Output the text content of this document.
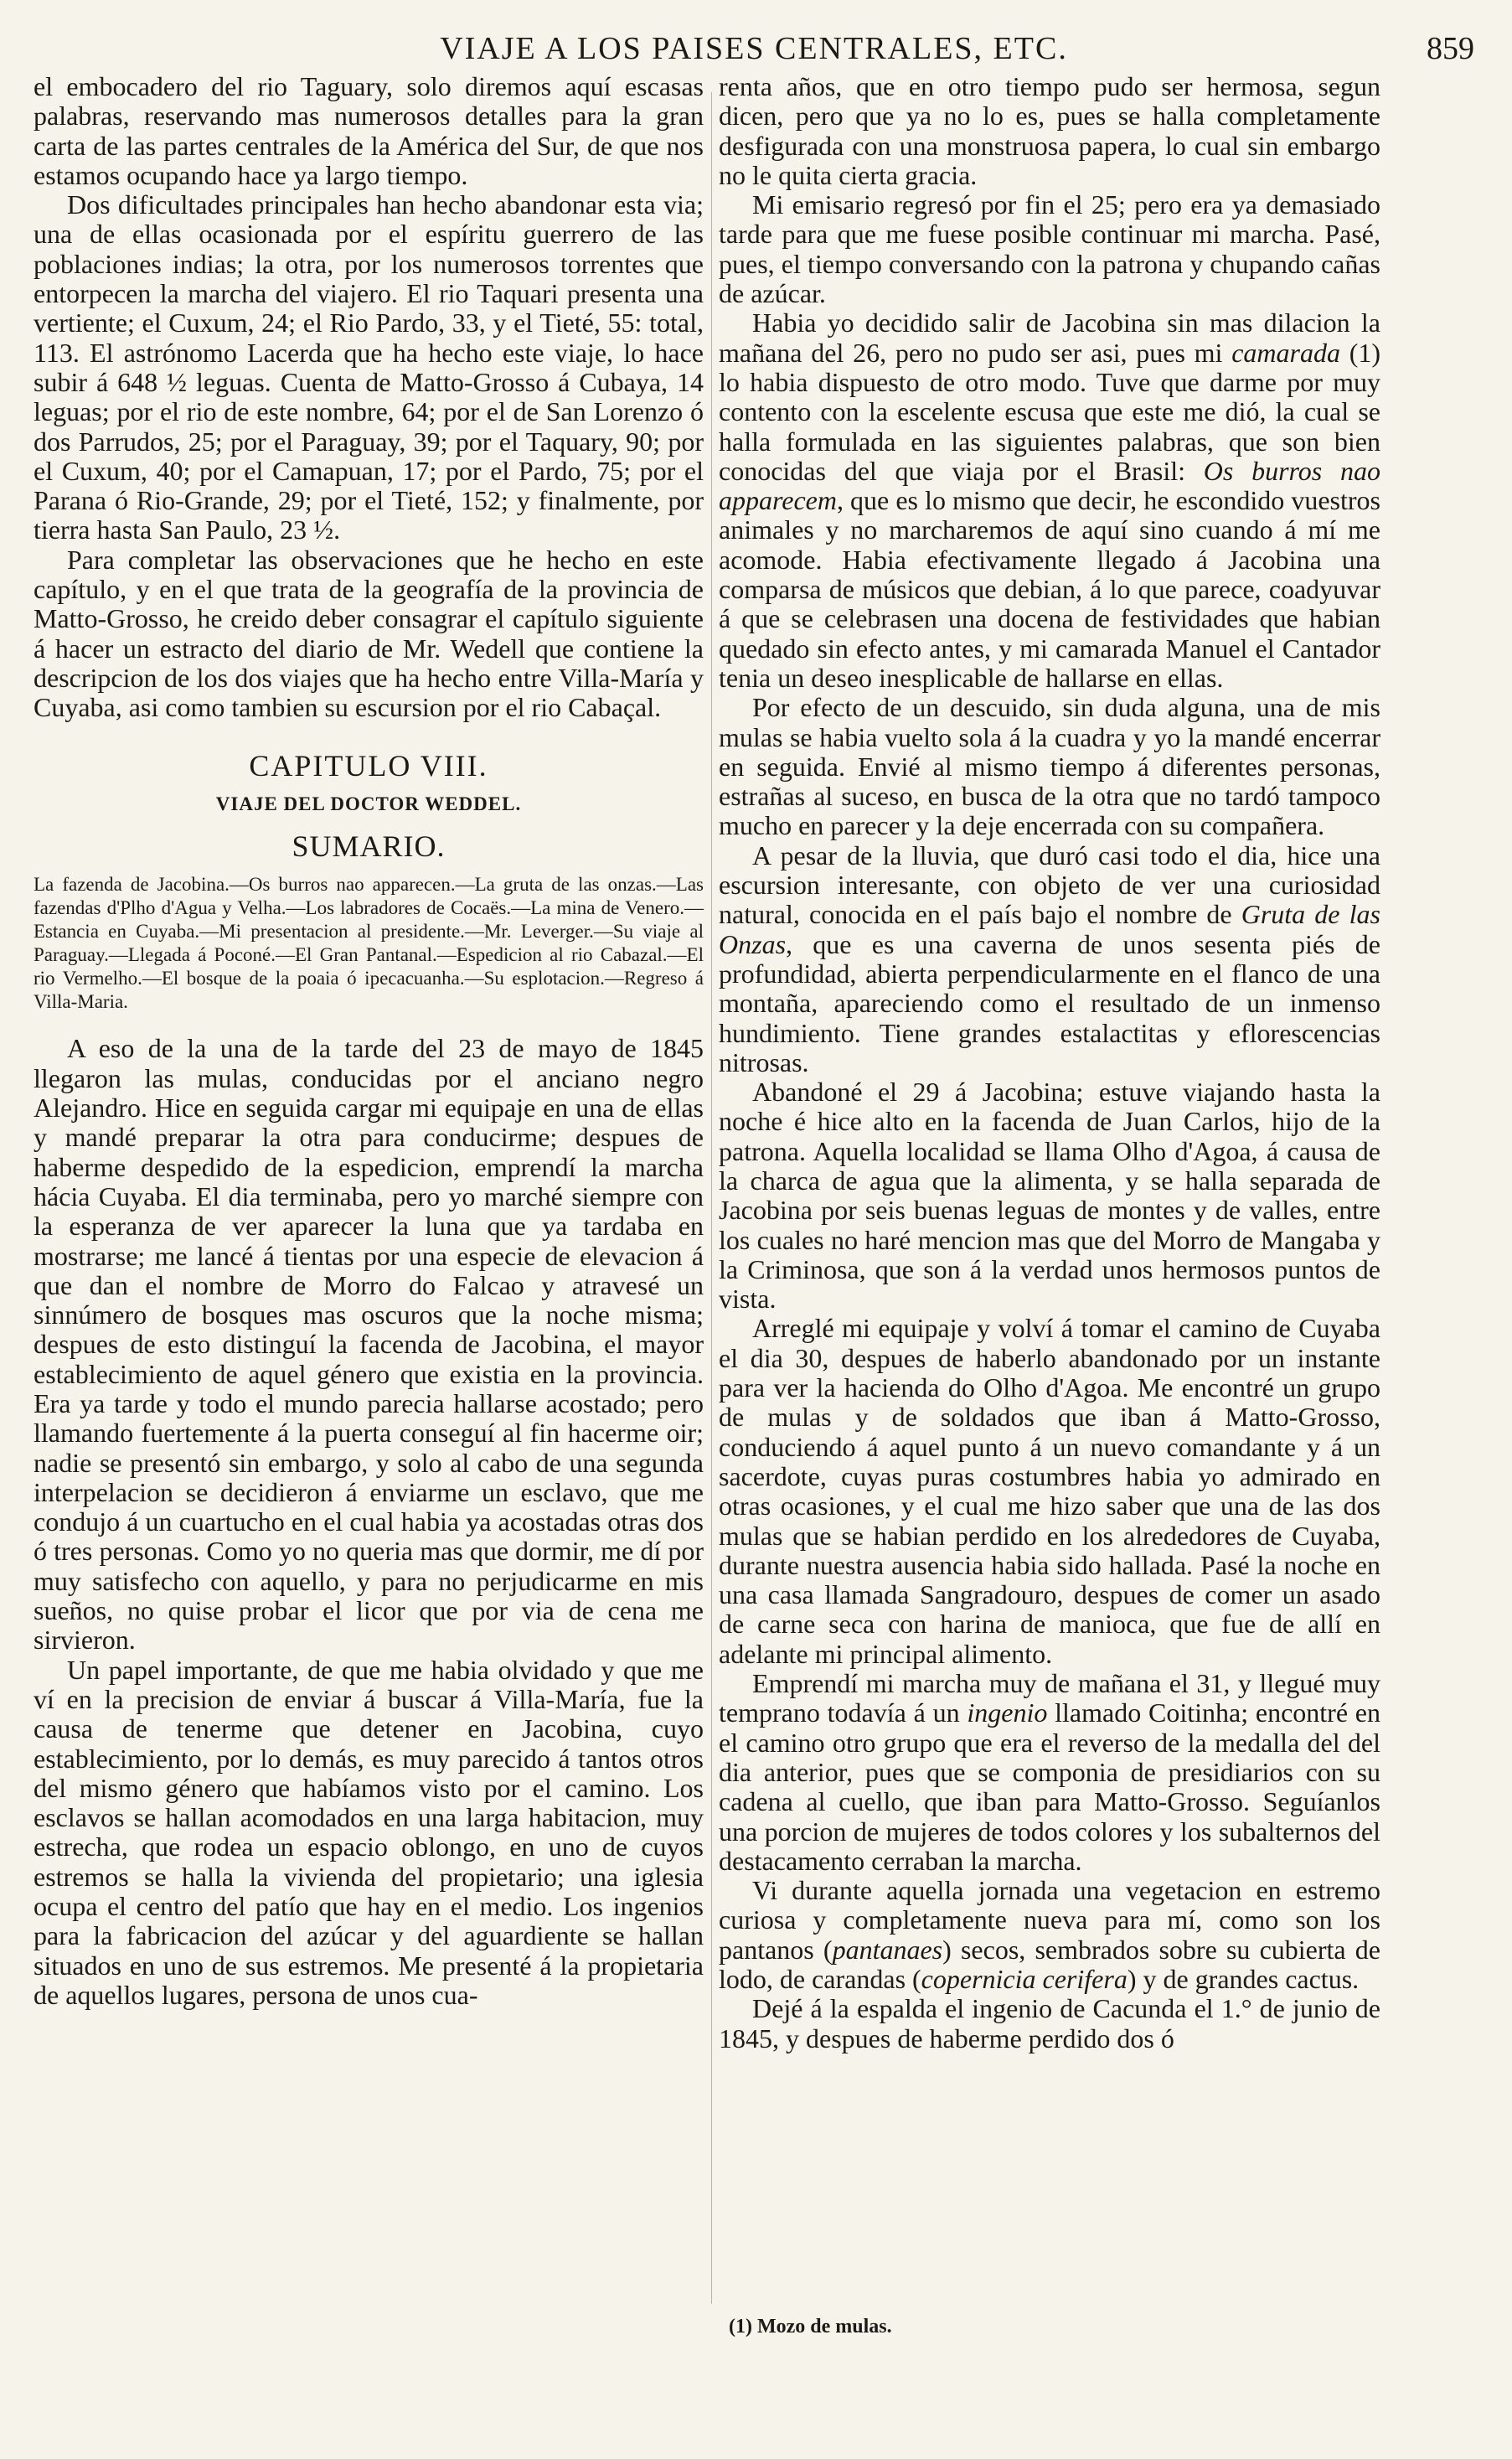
VIAJE A LOS PAISES CENTRALES, ETC.	859

el embocadero del rio Taguary, solo diremos aquí escasas palabras, reservando mas numerosos detalles para la gran carta de las partes centrales de la América del Sur, de que nos estamos ocupando hace ya largo tiempo.

Dos dificultades principales han hecho abandonar esta via; una de ellas ocasionada por el espíritu guerrero de las poblaciones indias; la otra, por los numerosos torrentes que entorpecen la marcha del viajero. El rio Taquari presenta una vertiente; el Cuxum, 24; el Rio Pardo, 33, y el Tieté, 55: total, 113. El astrónomo Lacerda que ha hecho este viaje, lo hace subir á 648 ½ leguas. Cuenta de Matto-Grosso á Cubaya, 14 leguas; por el rio de este nombre, 64; por el de San Lorenzo ó dos Parrudos, 25; por el Paraguay, 39; por el Taquary, 90; por el Cuxum, 40; por el Camapuan, 17; por el Pardo, 75; por el Parana ó Rio-Grande, 29; por el Tieté, 152; y finalmente, por tierra hasta San Paulo, 23 ½.

Para completar las observaciones que he hecho en este capítulo, y en el que trata de la geografía de la provincia de Matto-Grosso, he creido deber consagrar el capítulo siguiente á hacer un estracto del diario de Mr. Wedell que contiene la descripcion de los dos viajes que ha hecho entre Villa-María y Cuyaba, asi como tambien su escursion por el rio Cabaçal.

CAPITULO VIII.
VIAJE DEL DOCTOR WEDDEL.
SUMARIO.
La fazenda de Jacobina.—Os burros nao apparecen.—La gruta de las onzas.—Las fazendas d'Plho d'Agua y Velha.—Los labradores de Cocaës.—La mina de Venero.—Estancia en Cuyaba.—Mi presentacion al presidente.—Mr. Leverger.—Su viaje al Paraguay.—Llegada á Poconé.—El Gran Pantanal.—Espedicion al rio Cabazal.—El rio Vermelho.—El bosque de la poaia ó ipecacuanha.—Su esplotacion.—Regreso á Villa-Maria.

A eso de la una de la tarde del 23 de mayo de 1845 llegaron las mulas, conducidas por el anciano negro Alejandro. Hice en seguida cargar mi equipaje en una de ellas y mandé preparar la otra para conducirme; despues de haberme despedido de la espedicion, emprendí la marcha hácia Cuyaba. El dia terminaba, pero yo marché siempre con la esperanza de ver aparecer la luna que ya tardaba en mostrarse; me lancé á tientas por una especie de elevacion á que dan el nombre de Morro do Falcao y atravesé un sinnúmero de bosques mas oscuros que la noche misma; despues de esto distinguí la facenda de Jacobina, el mayor establecimiento de aquel género que existia en la provincia. Era ya tarde y todo el mundo parecia hallarse acostado; pero llamando fuertemente á la puerta conseguí al fin hacerme oir; nadie se presentó sin embargo, y solo al cabo de una segunda interpelacion se decidieron á enviarme un esclavo, que me condujo á un cuartucho en el cual habia ya acostadas otras dos ó tres personas. Como yo no queria mas que dormir, me dí por muy satisfecho con aquello, y para no perjudicarme en mis sueños, no quise probar el licor que por via de cena me sirvieron.

Un papel importante, de que me habia olvidado y que me ví en la precision de enviar á buscar á Villa-María, fue la causa de tenerme que detener en Jacobina, cuyo establecimiento, por lo demás, es muy parecido á tantos otros del mismo género que habíamos visto por el camino. Los esclavos se hallan acomodados en una larga habitacion, muy estrecha, que rodea un espacio oblongo, en uno de cuyos estremos se halla la vivienda del propietario; una iglesia ocupa el centro del patío que hay en el medio. Los ingenios para la fabricacion del azúcar y del aguardiente se hallan situados en uno de sus estremos. Me presenté á la propietaria de aquellos lugares, persona de unos cua-

renta años, que en otro tiempo pudo ser hermosa, segun dicen, pero que ya no lo es, pues se halla completamente desfigurada con una monstruosa papera, lo cual sin embargo no le quita cierta gracia.

Mi emisario regresó por fin el 25; pero era ya demasiado tarde para que me fuese posible continuar mi marcha. Pasé, pues, el tiempo conversando con la patrona y chupando cañas de azúcar.

Habia yo decidido salir de Jacobina sin mas dilacion la mañana del 26, pero no pudo ser asi, pues mi camarada (1) lo habia dispuesto de otro modo. Tuve que darme por muy contento con la escelente escusa que este me dió, la cual se halla formulada en las siguientes palabras, que son bien conocidas del que viaja por el Brasil: Os burros nao apparecem, que es lo mismo que decir, he escondido vuestros animales y no marcharemos de aquí sino cuando á mí me acomode. Habia efectivamente llegado á Jacobina una comparsa de músicos que debian, á lo que parece, coadyuvar á que se celebrasen una docena de festividades que habian quedado sin efecto antes, y mi camarada Manuel el Cantador tenia un deseo inesplicable de hallarse en ellas.

Por efecto de un descuido, sin duda alguna, una de mis mulas se habia vuelto sola á la cuadra y yo la mandé encerrar en seguida. Envié al mismo tiempo á diferentes personas, estrañas al suceso, en busca de la otra que no tardó tampoco mucho en parecer y la deje encerrada con su compañera.

A pesar de la lluvia, que duró casi todo el dia, hice una escursion interesante, con objeto de ver una curiosidad natural, conocida en el país bajo el nombre de Gruta de las Onzas, que es una caverna de unos sesenta piés de profundidad, abierta perpendicularmente en el flanco de una montaña, apareciendo como el resultado de un inmenso hundimiento. Tiene grandes estalactitas y eflorescencias nitrosas.

Abandoné el 29 á Jacobina; estuve viajando hasta la noche é hice alto en la facenda de Juan Carlos, hijo de la patrona. Aquella localidad se llama Olho d'Agoa, á causa de la charca de agua que la alimenta, y se halla separada de Jacobina por seis buenas leguas de montes y de valles, entre los cuales no haré mencion mas que del Morro de Mangaba y la Criminosa, que son á la verdad unos hermosos puntos de vista.

Arreglé mi equipaje y volví á tomar el camino de Cuyaba el dia 30, despues de haberlo abandonado por un instante para ver la hacienda do Olho d'Agoa. Me encontré un grupo de mulas y de soldados que iban á Matto-Grosso, conduciendo á aquel punto á un nuevo comandante y á un sacerdote, cuyas puras costumbres habia yo admirado en otras ocasiones, y el cual me hizo saber que una de las dos mulas que se habian perdido en los alrededores de Cuyaba, durante nuestra ausencia habia sido hallada. Pasé la noche en una casa llamada Sangradouro, despues de comer un asado de carne seca con harina de manioca, que fue de allí en adelante mi principal alimento.

Emprendí mi marcha muy de mañana el 31, y llegué muy temprano todavía á un ingenio llamado Coitinha; encontré en el camino otro grupo que era el reverso de la medalla del del dia anterior, pues que se componia de presidiarios con su cadena al cuello, que iban para Matto-Grosso. Seguíanlos una porcion de mujeres de todos colores y los subalternos del destacamento cerraban la marcha.

Vi durante aquella jornada una vegetacion en estremo curiosa y completamente nueva para mí, como son los pantanos (pantanaes) secos, sembrados sobre su cubierta de lodo, de carandas (copernicia cerifera) y de grandes cactus.

Dejé á la espalda el ingenio de Cacunda el 1.° de junio de 1845, y despues de haberme perdido dos ó

(1) Mozo de mulas.
